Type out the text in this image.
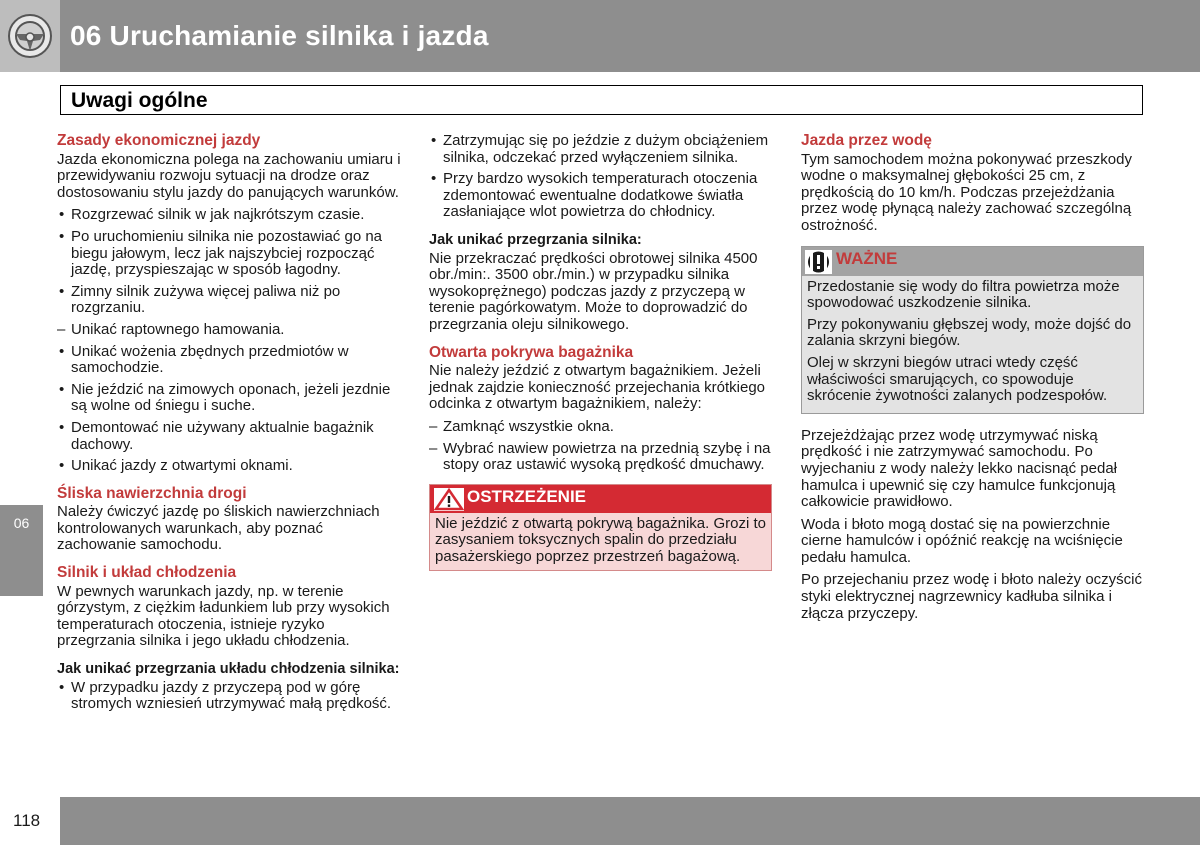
06 Uruchamianie silnika i jazda
06
Uwagi ogólne
Zasady ekonomicznej jazdy
Jazda ekonomiczna polega na zachowaniu umiaru i przewidywaniu rozwoju sytuacji na drodze oraz dostosowaniu stylu jazdy do panujących warunków.
• Rozgrzewać silnik w jak najkrótszym czasie.
• Po uruchomieniu silnika nie pozostawiać go na biegu jałowym, lecz jak najszybciej rozpocząć jazdę, przyspieszając w sposób łagodny.
• Zimny silnik zużywa więcej paliwa niż po rozgrzaniu.
– Unikać raptownego hamowania.
• Unikać wożenia zbędnych przedmiotów w samochodzie.
• Nie jeździć na zimowych oponach, jeżeli jezdnie są wolne od śniegu i suche.
• Demontować nie używany aktualnie bagażnik dachowy.
• Unikać jazdy z otwartymi oknami.
Śliska nawierzchnia drogi
Należy ćwiczyć jazdę po śliskich nawierzchniach kontrolowanych warunkach, aby poznać zachowanie samochodu.
Silnik i układ chłodzenia
W pewnych warunkach jazdy, np. w terenie górzystym, z ciężkim ładunkiem lub przy wysokich temperaturach otoczenia, istnieje ryzyko przegrzania silnika i jego układu chłodzenia.
Jak unikać przegrzania układu chłodzenia silnika:
• W przypadku jazdy z przyczepą pod w górę stromych wzniesień utrzymywać małą prędkość.
• Zatrzymując się po jeździe z dużym obciążeniem silnika, odczekać przed wyłączeniem silnika.
• Przy bardzo wysokich temperaturach otoczenia zdemontować ewentualne dodatkowe światła zasłaniające wlot powietrza do chłodnicy.
Jak unikać przegrzania silnika:
Nie przekraczać prędkości obrotowej silnika 4500 obr./min:. 3500 obr./min.) w przypadku silnika wysokoprężnego) podczas jazdy z przyczepą w terenie pagórkowatym. Może to doprowadzić do przegrzania oleju silnikowego.
Otwarta pokrywa bagażnika
Nie należy jeździć z otwartym bagażnikiem. Jeżeli jednak zajdzie konieczność przejechania krótkiego odcinka z otwartym bagażnikiem, należy:
– Zamknąć wszystkie okna.
– Wybrać nawiew powietrza na przednią szybę i na stopy oraz ustawić wysoką prędkość dmuchawy.
OSTRZEŻENIE
Nie jeździć z otwartą pokrywą bagażnika. Grozi to zasysaniem toksycznych spalin do przedziału pasażerskiego poprzez przestrzeń bagażową.
Jazda przez wodę
Tym samochodem można pokonywać przeszkody wodne o maksymalnej głębokości 25 cm, z prędkością do 10 km/h. Podczas przejeżdżania przez wodę płynącą należy zachować szczególną ostrożność.
WAŻNE
Przedostanie się wody do filtra powietrza może spowodować uszkodzenie silnika.
Przy pokonywaniu głębszej wody, może dojść do zalania skrzyni biegów.
Olej w skrzyni biegów utraci wtedy część właściwości smarujących, co spowoduje skrócenie żywotności zalanych podzespołów.
Przejeżdżając przez wodę utrzymywać niską prędkość i nie zatrzymywać samochodu. Po wyjechaniu z wody należy lekko nacisnąć pedał hamulca i upewnić się czy hamulce funkcjonują całkowicie prawidłowo.
Woda i błoto mogą dostać się na powierzchnie cierne hamulców i opóźnić reakcję na wciśnięcie pedału hamulca.
Po przejechaniu przez wodę i błoto należy oczyścić styki elektrycznej nagrzewnicy kadłuba silnika i złącza przyczepy.
118
